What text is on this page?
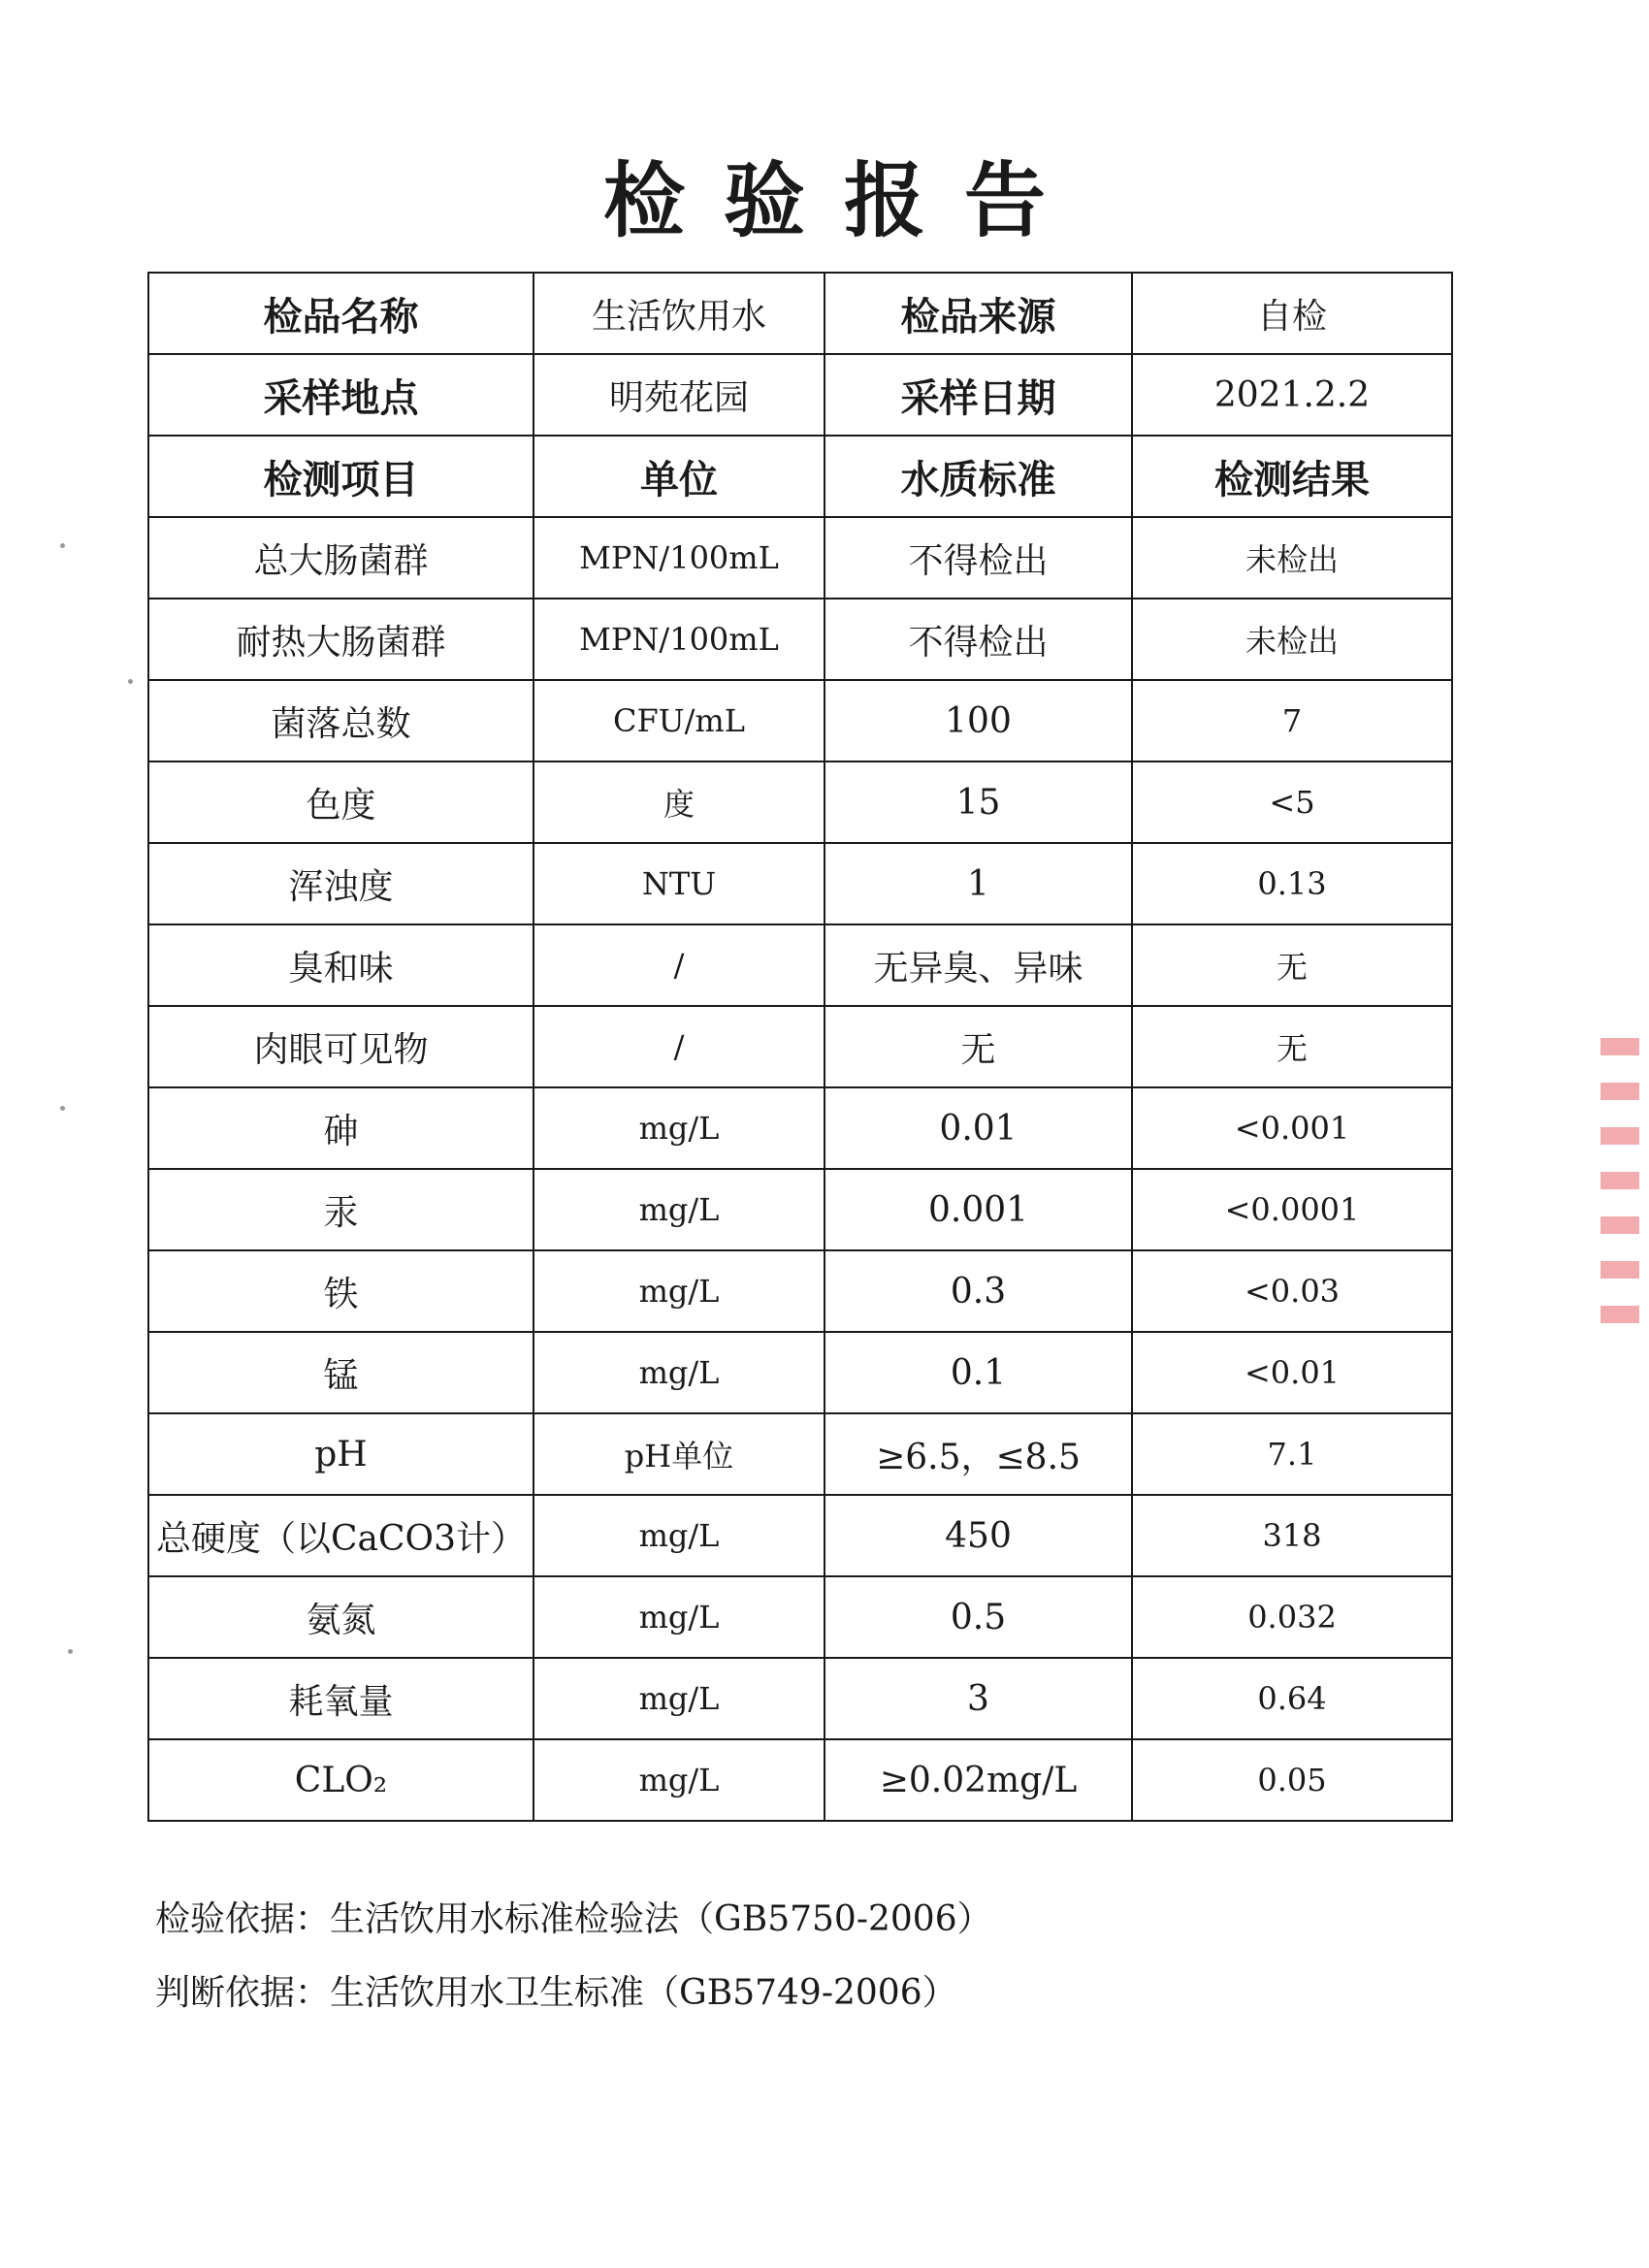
检验报告
检品名称	生活饮用水	检品来源	自检
采样地点	明苑花园	采样日期	2021.2.2
检测项目	单位	水质标准	检测结果
总大肠菌群	MPN/100mL	不得检出	未检出
耐热大肠菌群	MPN/100mL	不得检出	未检出
菌落总数	CFU/mL	100	7
色度	度	15	<5
浑浊度	NTU	1	0.13
臭和味	/	无异臭、异味	无
肉眼可见物	/	无	无
砷	mg/L	0.01	<0.001
汞	mg/L	0.001	<0.0001
铁	mg/L	0.3	<0.03
锰	mg/L	0.1	<0.01
pH	pH单位	≥6.5，≤8.5	7.1
总硬度（以CaCO3计）	mg/L	450	318
氨氮	mg/L	0.5	0.032
耗氧量	mg/L	3	0.64
CLO₂	mg/L	≥0.02mg/L	0.05
检验依据：生活饮用水标准检验法（GB5750-2006）
判断依据：生活饮用水卫生标准（GB5749-2006）
